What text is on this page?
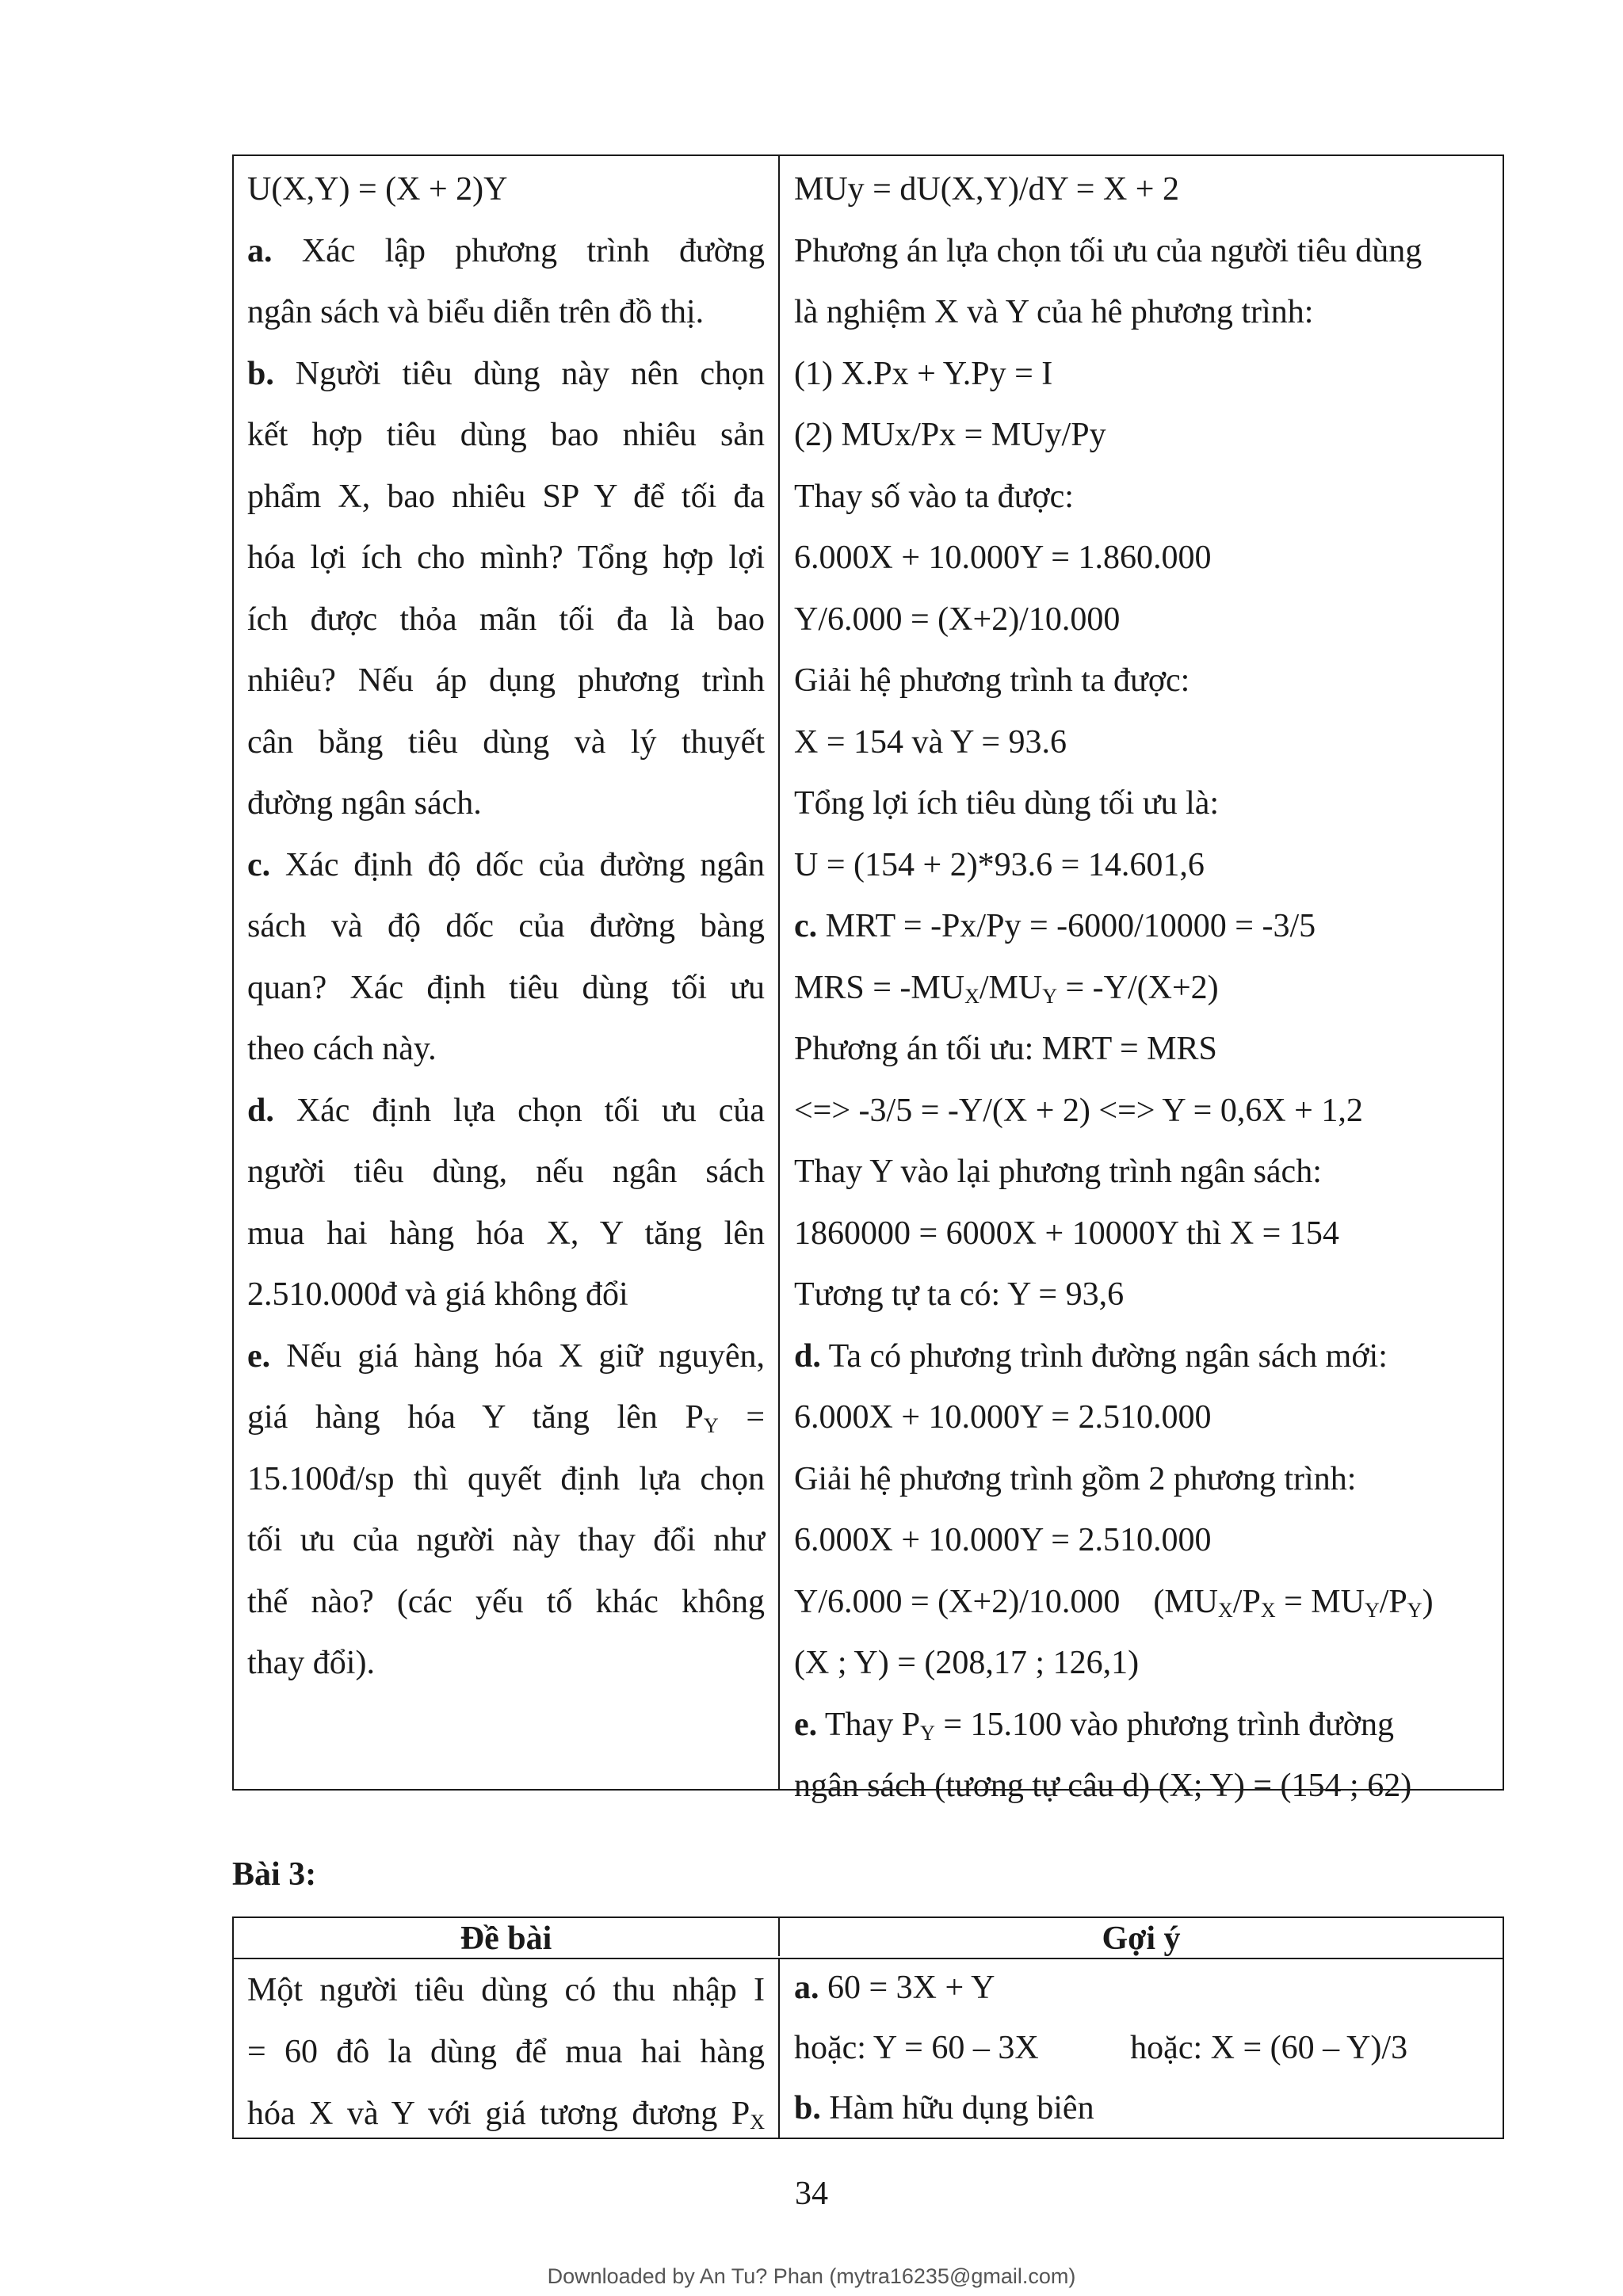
U(X,Y) = (X + 2)Y
a. Xác lập phương trình đường
ngân sách và biểu diễn trên đồ thị.
b. Người tiêu dùng này nên chọn
kết hợp tiêu dùng bao nhiêu sản
phẩm X, bao nhiêu SP Y để tối đa
hóa lợi ích cho mình? Tổng hợp lợi
ích được thỏa mãn tối đa là bao
nhiêu? Nếu áp dụng phương trình
cân bằng tiêu dùng và lý thuyết
đường ngân sách.
c. Xác định độ dốc của đường ngân
sách và độ dốc của đường bàng
quan? Xác định tiêu dùng tối ưu
theo cách này.
d. Xác định lựa chọn tối ưu của
người tiêu dùng, nếu ngân sách
mua hai hàng hóa X, Y tăng lên
2.510.000đ và giá không đổi
e. Nếu giá hàng hóa X giữ nguyên,
giá hàng hóa Y tăng lên $P_Y$ =
15.100đ/sp thì quyết định lựa chọn
tối ưu của người này thay đổi như
thế nào? (các yếu tố khác không
thay đổi).
MUy = dU(X,Y)/dY = X + 2
Phương án lựa chọn tối ưu của người tiêu dùng
là nghiệm X và Y của hê phương trình:
(1) X.Px + Y.Py = I
(2) MUx/Px = MUy/Py
Thay số vào ta được:
6.000X + 10.000Y = 1.860.000
Y/6.000 = (X+2)/10.000
Giải hệ phương trình ta được:
X = 154 và Y = 93.6
Tổng lợi ích tiêu dùng tối ưu là:
U = (154 + 2)*93.6 = 14.601,6
c. MRT = -Px/Py = -6000/10000 = -3/5
MRS = $-MU_X/MU_Y = -Y/(X+2)$
Phương án tối ưu: MRT = MRS
<=> -3/5 = -Y/(X + 2) <=> Y = 0,6X + 1,2
Thay Y vào lại phương trình ngân sách:
1860000 = 6000X + 10000Y thì X = 154
Tương tự ta có: Y = 93,6
d. Ta có phương trình đường ngân sách mới:
6.000X + 10.000Y = 2.510.000
Giải hệ phương trình gồm 2 phương trình:
6.000X + 10.000Y = 2.510.000
Y/6.000 = (X+2)/10.000    $(MU_X/P_X = MU_Y/P_Y)$
(X ; Y) = (208,17 ; 126,1)
e. Thay $P_Y = 15.100$ vào phương trình đường
ngân sách (tương tự câu d) (X; Y) = (154 ; 62)
Bài 3:
Đề bài	Gợi ý
Một người tiêu dùng có thu nhập I
= 60 đô la dùng để mua hai hàng
hóa X và Y với giá tương đương $P_X$
a. 60 = 3X + Y
hoặc: Y = 60 – 3X           hoặc: X = (60 – Y)/3
b. Hàm hữu dụng biên
34
Downloaded by An Tu? Phan (mytra16235@gmail.com)
